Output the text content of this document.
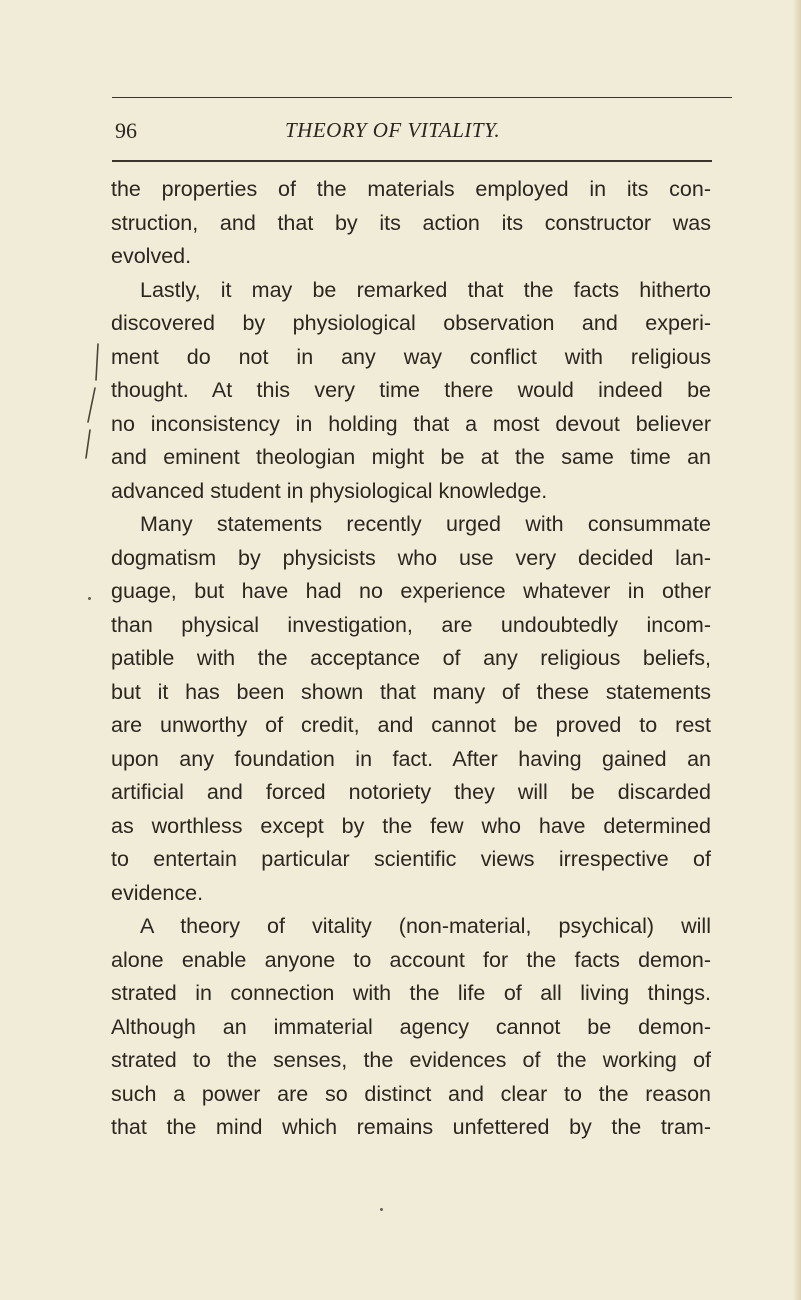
96	THEORY OF VITALITY.
the properties of the materials employed in its con-
struction, and that by its action its constructor was
evolved.
Lastly, it may be remarked that the facts hitherto
discovered by physiological observation and experi-
ment do not in any way conflict with religious
thought. At this very time there would indeed be
no inconsistency in holding that a most devout believer
and eminent theologian might be at the same time an
advanced student in physiological knowledge.
Many statements recently urged with consummate
dogmatism by physicists who use very decided lan-
guage, but have had no experience whatever in other
than physical investigation, are undoubtedly incom-
patible with the acceptance of any religious beliefs,
but it has been shown that many of these statements
are unworthy of credit, and cannot be proved to rest
upon any foundation in fact. After having gained an
artificial and forced notoriety they will be discarded
as worthless except by the few who have determined
to entertain particular scientific views irrespective of
evidence.
A theory of vitality (non-material, psychical) will
alone enable anyone to account for the facts demon-
strated in connection with the life of all living things.
Although an immaterial agency cannot be demon-
strated to the senses, the evidences of the working of
such a power are so distinct and clear to the reason
that the mind which remains unfettered by the tram-
